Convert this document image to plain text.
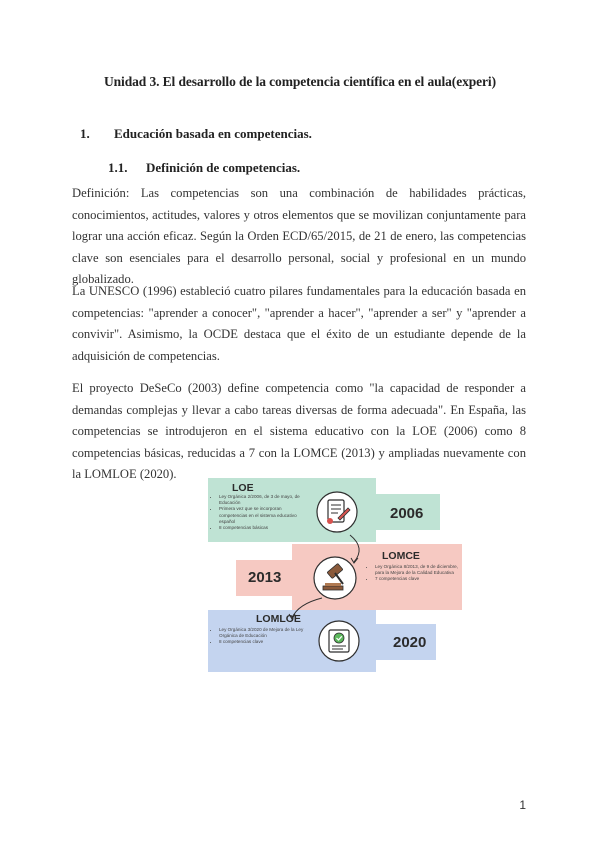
Unidad 3. El desarrollo de la competencia científica en el aula(experi)
1. Educación basada en competencias.
1.1. Definición de competencias.
Definición: Las competencias son una combinación de habilidades prácticas, conocimientos, actitudes, valores y otros elementos que se movilizan conjuntamente para lograr una acción eficaz. Según la Orden ECD/65/2015, de 21 de enero, las competencias clave son esenciales para el desarrollo personal, social y profesional en un mundo globalizado.
La UNESCO (1996) estableció cuatro pilares fundamentales para la educación basada en competencias: "aprender a conocer", "aprender a hacer", "aprender a ser" y "aprender a convivir". Asimismo, la OCDE destaca que el éxito de un estudiante depende de la adquisición de competencias.
El proyecto DeSeCo (2003) define competencia como "la capacidad de responder a demandas complejas y llevar a cabo tareas diversas de forma adecuada". En España, las competencias se introdujeron en el sistema educativo con la LOE (2006) como 8 competencias básicas, reducidas a 7 con la LOMCE (2013) y ampliadas nuevamente con la LOMLOE (2020).
LOE
• Ley Orgánica 2/2006, de 3 de mayo, de Educación
• Primera vez que se incorporan competencias en el sistema educativo español
• 8 competencias básicas
2006
2013
LOMCE
• Ley Orgánica 8/2013, de 9 de diciembre, para la Mejora de la Calidad Educativa
• 7 competencias clave
LOMLOE
• Ley Orgánica 3/2020 de Mejora de la Ley Orgánica de Educación
• 8 competencias clave	2020
1
